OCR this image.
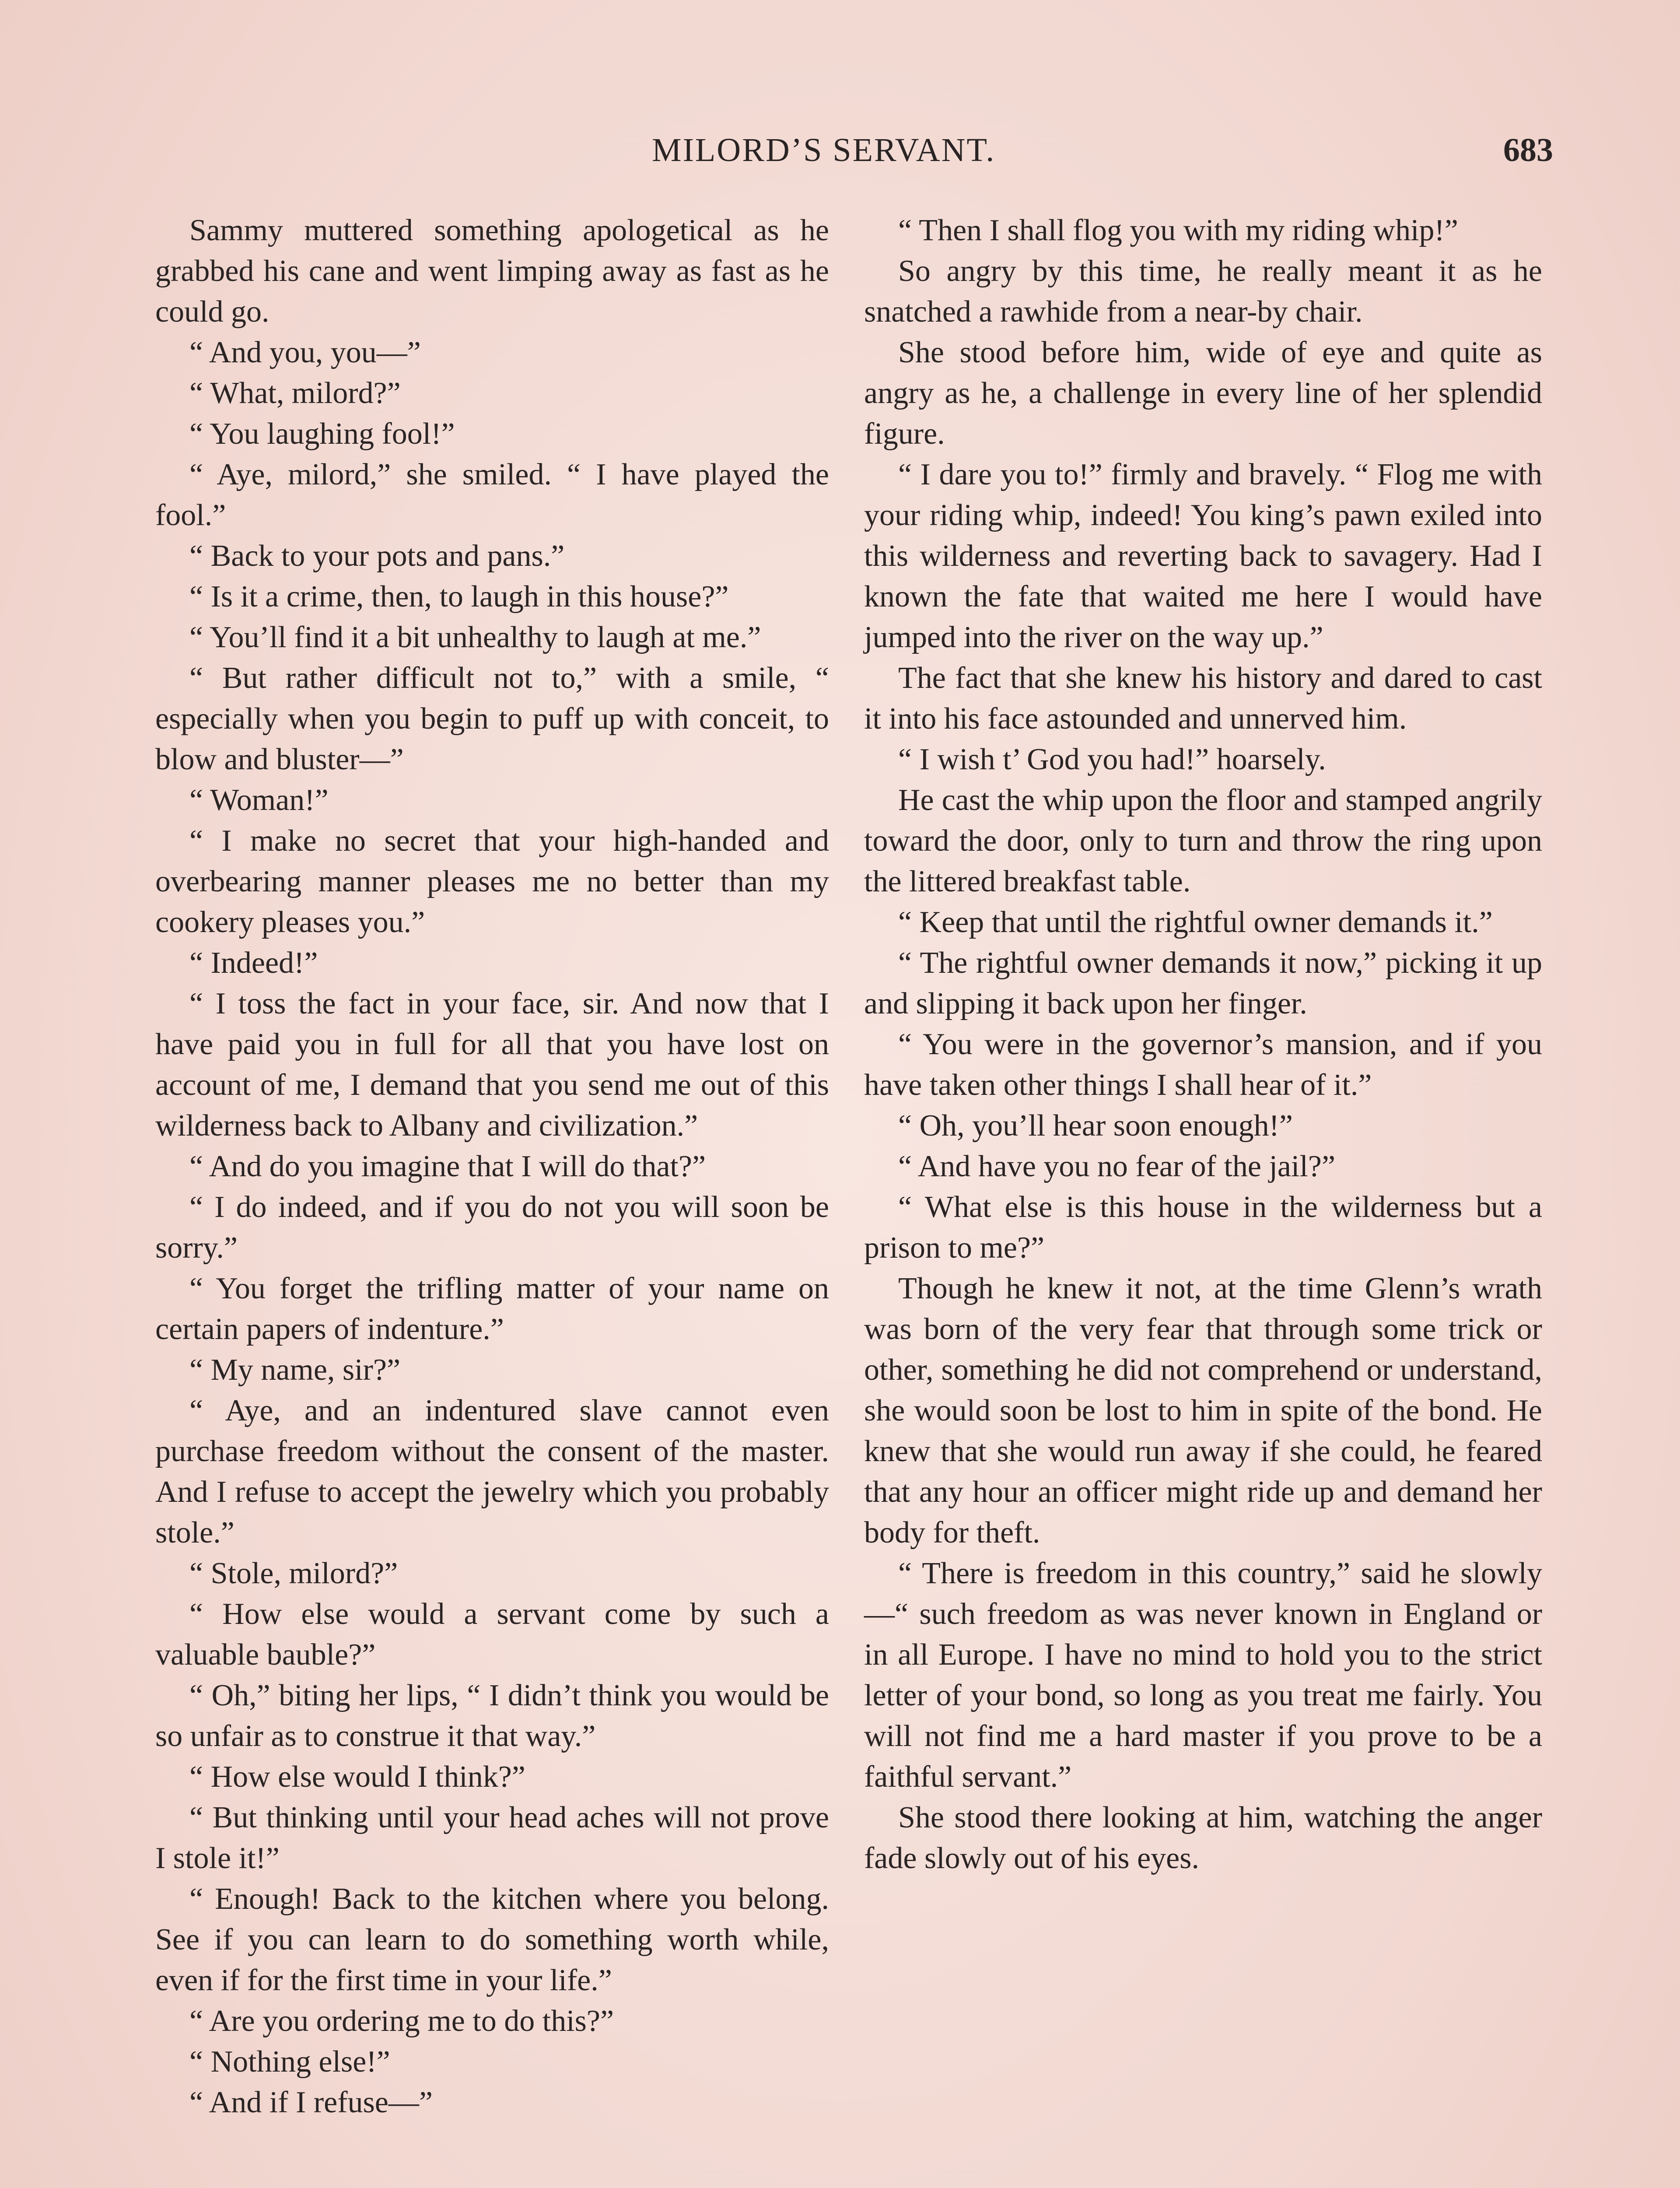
MILORD’S SERVANT.	683

Sammy muttered something apologetical as he grabbed his cane and went limping away as fast as he could go.

“ And you, you—”

“ What, milord?”

“ You laughing fool!”

“ Aye, milord,” she smiled. “ I have played the fool.”

“ Back to your pots and pans.”

“ Is it a crime, then, to laugh in this house?”

“ You’ll find it a bit unhealthy to laugh at me.”

“ But rather difficult not to,” with a smile, “ especially when you begin to puff up with conceit, to blow and bluster—”

“ Woman!”

“ I make no secret that your high-handed and overbearing manner pleases me no better than my cookery pleases you.”

“ Indeed!”

“ I toss the fact in your face, sir. And now that I have paid you in full for all that you have lost on account of me, I demand that you send me out of this wilderness back to Albany and civilization.”

“ And do you imagine that I will do that?”

“ I do indeed, and if you do not you will soon be sorry.”

“ You forget the trifling matter of your name on certain papers of indenture.”

“ My name, sir?”

“ Aye, and an indentured slave cannot even purchase freedom without the consent of the master. And I refuse to accept the jewelry which you probably stole.”

“ Stole, milord?”

“ How else would a servant come by such a valuable bauble?”

“ Oh,” biting her lips, “ I didn’t think you would be so unfair as to construe it that way.”

“ How else would I think?”

“ But thinking until your head aches will not prove I stole it!”

“ Enough! Back to the kitchen where you belong. See if you can learn to do something worth while, even if for the first time in your life.”

“ Are you ordering me to do this?”

“ Nothing else!”

“ And if I refuse—”

“ Then I shall flog you with my riding whip!”

So angry by this time, he really meant it as he snatched a rawhide from a near-by chair.

She stood before him, wide of eye and quite as angry as he, a challenge in every line of her splendid figure.

“ I dare you to!” firmly and bravely. “ Flog me with your riding whip, indeed! You king’s pawn exiled into this wilderness and reverting back to savagery. Had I known the fate that waited me here I would have jumped into the river on the way up.”

The fact that she knew his history and dared to cast it into his face astounded and unnerved him.

“ I wish t’ God you had!” hoarsely.

He cast the whip upon the floor and stamped angrily toward the door, only to turn and throw the ring upon the littered breakfast table.

“ Keep that until the rightful owner demands it.”

“ The rightful owner demands it now,” picking it up and slipping it back upon her finger.

“ You were in the governor’s mansion, and if you have taken other things I shall hear of it.”

“ Oh, you’ll hear soon enough!”

“ And have you no fear of the jail?”

“ What else is this house in the wilderness but a prison to me?”

Though he knew it not, at the time Glenn’s wrath was born of the very fear that through some trick or other, something he did not comprehend or understand, she would soon be lost to him in spite of the bond. He knew that she would run away if she could, he feared that any hour an officer might ride up and demand her body for theft.

“ There is freedom in this country,” said he slowly—“ such freedom as was never known in England or in all Europe. I have no mind to hold you to the strict letter of your bond, so long as you treat me fairly. You will not find me a hard master if you prove to be a faithful servant.”

She stood there looking at him, watching the anger fade slowly out of his eyes.
